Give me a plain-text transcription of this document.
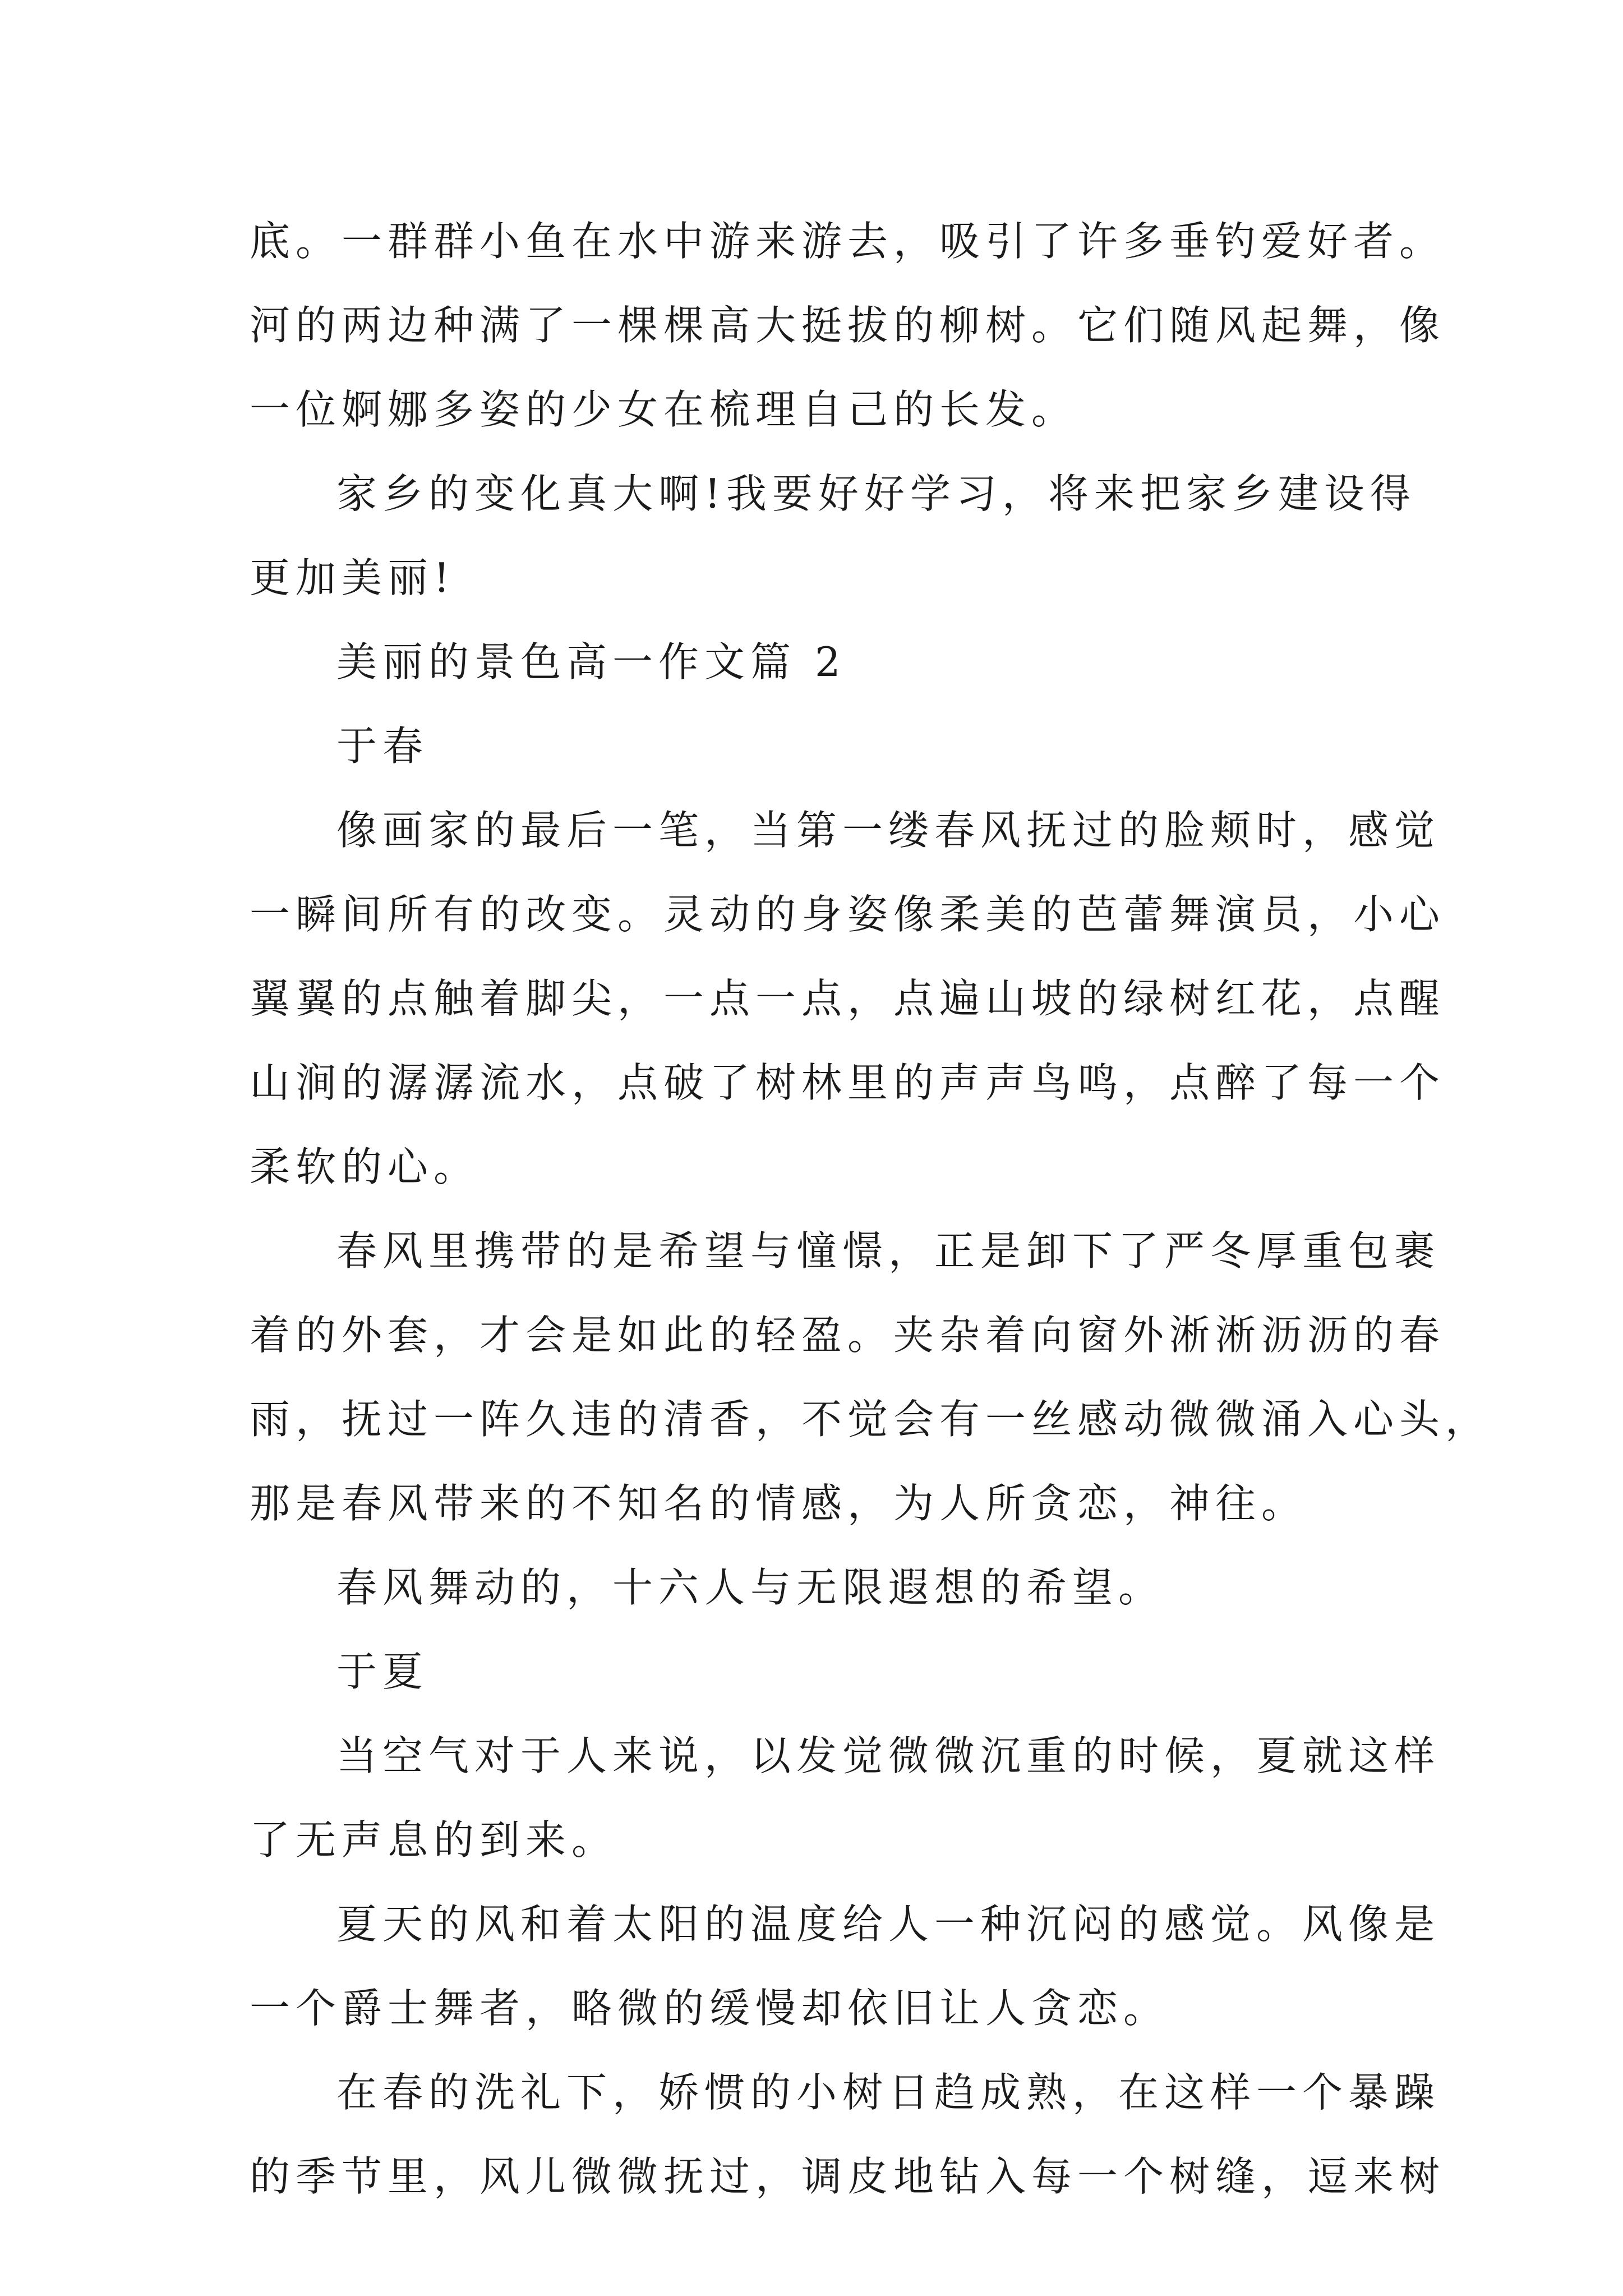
底。一群群小鱼在水中游来游去，吸引了许多垂钓爱好者。

河的两边种满了一棵棵高大挺拔的柳树。它们随风起舞，像

一位婀娜多姿的少女在梳理自己的长发。

家乡的变化真大啊!我要好好学习，将来把家乡建设得

更加美丽!

美丽的景色高一作文篇 2

于春

像画家的最后一笔，当第一缕春风抚过的脸颊时，感觉

一瞬间所有的改变。灵动的身姿像柔美的芭蕾舞演员，小心

翼翼的点触着脚尖，一点一点，点遍山坡的绿树红花，点醒

山涧的潺潺流水，点破了树林里的声声鸟鸣，点醉了每一个

柔软的心。

春风里携带的是希望与憧憬，正是卸下了严冬厚重包裹

着的外套，才会是如此的轻盈。夹杂着向窗外淅淅沥沥的春

雨，抚过一阵久违的清香，不觉会有一丝感动微微涌入心头，

那是春风带来的不知名的情感，为人所贪恋，神往。

春风舞动的，十六人与无限遐想的希望。

于夏

当空气对于人来说，以发觉微微沉重的时候，夏就这样

了无声息的到来。

夏天的风和着太阳的温度给人一种沉闷的感觉。风像是

一个爵士舞者，略微的缓慢却依旧让人贪恋。

在春的洗礼下，娇惯的小树日趋成熟，在这样一个暴躁

的季节里，风儿微微抚过，调皮地钻入每一个树缝，逗来树
